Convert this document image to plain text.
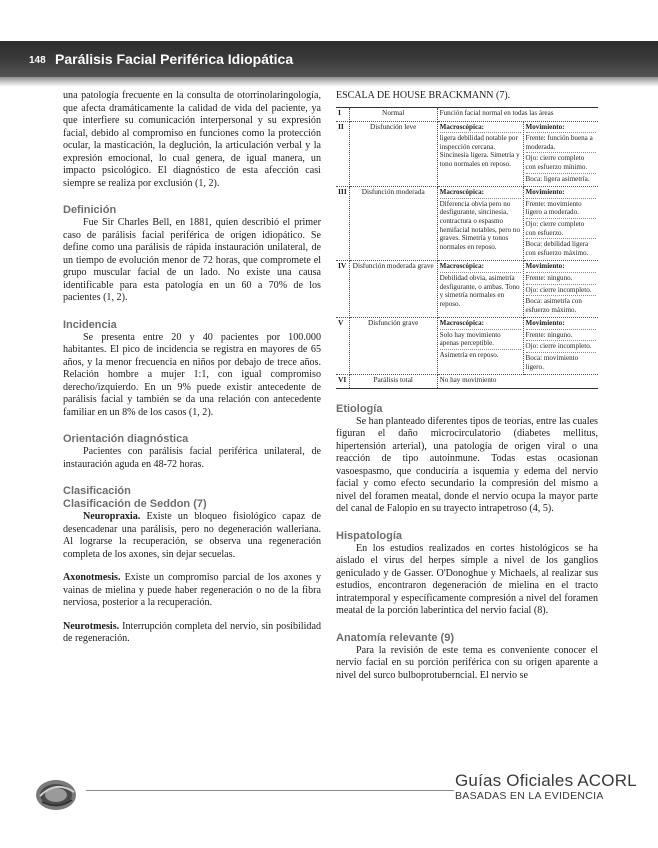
148 Parálisis Facial Periférica Idiopática

una patología frecuente en la consulta de otorrinolaringología, que afecta dramáticamente la calidad de vida del paciente, ya que interfiere su comunicación interpersonal y su expresión facial, debido al compromiso en funciones como la protección ocular, la masticación, la deglución, la articulación verbal y la expresión emocional, lo cual genera, de igual manera, un impacto psicológico. El diagnóstico de esta afección casi siempre se realiza por exclusión (1, 2).

Definición

Fue Sir Charles Bell, en 1881, quien describió el primer caso de parálisis facial periférica de origen idiopático. Se define como una parálisis de rápida instauración unilateral, de un tiempo de evolución menor de 72 horas, que compromete el grupo muscular facial de un lado. No existe una causa identificable para esta patología en un 60 a 70% de los pacientes (1, 2).

Incidencia

Se presenta entre 20 y 40 pacientes por 100.000 habitantes. El pico de incidencia se registra en mayores de 65 años, y la menor frecuencia en niños por debajo de trece años. Relación hombre a mujer 1:1, con igual compromiso derecho/izquierdo. En un 9% puede existir antecedente de parálisis facial y también se da una relación con antecedente familiar en un 8% de los casos (1, 2).

Orientación diagnóstica

Pacientes con parálisis facial periférica unilateral, de instauración aguda en 48-72 horas.

Clasificación
Clasificación de Seddon (7)

Neuropraxia. Existe un bloqueo fisiológico capaz de desencadenar una parálisis, pero no degeneración walleriana. Al lograrse la recuperación, se observa una regeneración completa de los axones, sin dejar secuelas.

Axonotmesis. Existe un compromiso parcial de los axones y vainas de mielina y puede haber regeneración o no de la fibra nerviosa, posterior a la recuperación.

Neurotmesis. Interrupción completa del nervio, sin posibilidad de regeneración.

ESCALA DE HOUSE BRACKMANN (7).
I	Normal	Función facial normal en todas las áreas	

II	Disfunción leve	Macroscópica:
ligera debilidad notable por inspección cercana. Sincinesia ligera. Simetría y tono normales en reposo.	Movimiento:
Frente: función buena a moderada.
Ojo: cierre completo con esfuerzo mínimo.
Boca: ligera asimetría.

III	Disfunción moderada	Macroscópica:
Diferencia obvia pero no desfigurante, sincinesia, contractura o espasmo hemifacial notables, pero no graves. Simetría y tonos normales en reposo.	Movimiento:
Frente: movimiento ligero a moderado.
Ojo: cierre completo con esfuerzo.
Boca: debilidad ligera con esfuerzo máximo.

IV	Disfunción moderada grave	Macroscópica:
Debilidad obvia, asimetría desfigurante, o ambas. Tono y simetría normales en reposo.	Movimiento:
Frente: ninguno.
Ojo: cierre incompleto.
Boca: asimetría con esfuerzo máximo.

V	Disfunción grave	Macroscópica:
Solo hay movimiento apenas perceptible.
Asimetría en reposo.	Movimiento:
Frente: ninguno.
Ojo: cierre incompleto.
Boca: movimiento ligero.

VI	Parálisis total	No hay movimiento	
Etiología

Se han planteado diferentes tipos de teorías, entre las cuales figuran el daño microcirculatorio (diabetes mellitus, hipertensión arterial), una patología de origen viral o una reacción de tipo autoinmune. Todas estas ocasionan vasoespasmo, que conduciría a isquemia y edema del nervio facial y como efecto secundario la compresión del mismo a nivel del foramen meatal, donde el nervio ocupa la mayor parte del canal de Falopio en su trayecto intrapetroso (4, 5).

Hispatología

En los estudios realizados en cortes histológicos se ha aislado el virus del herpes simple a nivel de los ganglios geniculado y de Gasser. O'Donoghue y Michaels, al realizar sus estudios, encontraron degeneración de mielina en el tracto intratemporal y específicamente compresión a nivel del foramen meatal de la porción laberíntica del nervio facial (8).

Anatomía relevante (9)

Para la revisión de este tema es conveniente conocer el nervio facial en su porción periférica con su origen aparente a nivel del surco bulboprotuberncial. El nervio se

Guías Oficiales ACORL
BASADAS EN LA EVIDENCIA
